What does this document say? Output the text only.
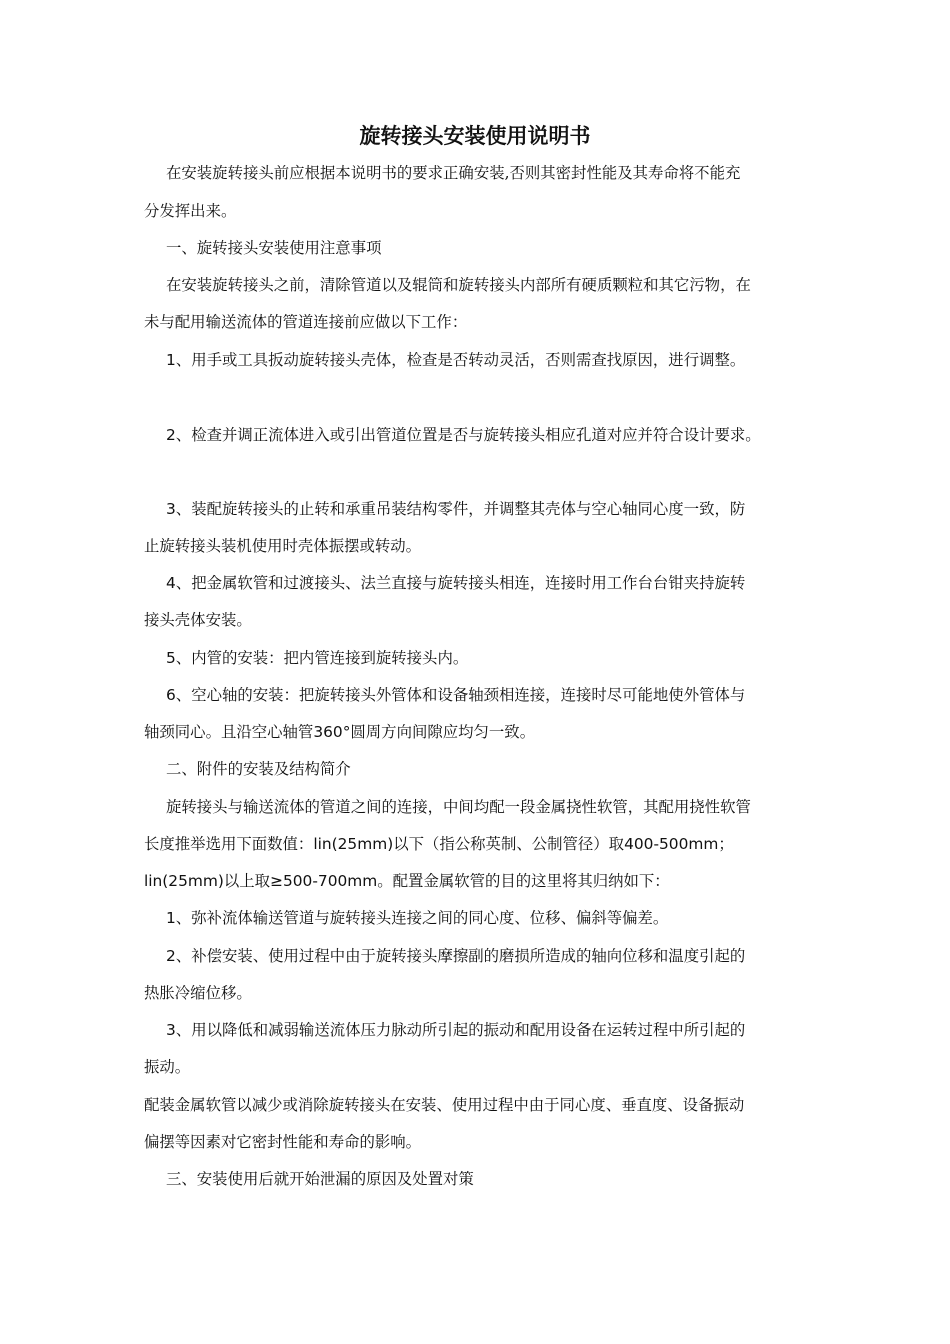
旋转接头安装使用说明书
在安装旋转接头前应根据本说明书的要求正确安装,否则其密封性能及其寿命将不能充
分发挥出来。
一、旋转接头安装使用注意事项
在安装旋转接头之前，清除管道以及辊筒和旋转接头内部所有硬质颗粒和其它污物，在
未与配用输送流体的管道连接前应做以下工作：
1、用手或工具扳动旋转接头壳体，检查是否转动灵活，否则需查找原因，进行调整。
2、检查并调正流体进入或引出管道位置是否与旋转接头相应孔道对应并符合设计要求。
3、装配旋转接头的止转和承重吊装结构零件，并调整其壳体与空心轴同心度一致，防
止旋转接头装机使用时壳体振摆或转动。
4、把金属软管和过渡接头、法兰直接与旋转接头相连，连接时用工作台台钳夹持旋转
接头壳体安装。
5、内管的安装：把内管连接到旋转接头内。
6、空心轴的安装：把旋转接头外管体和设备轴颈相连接，连接时尽可能地使外管体与
轴颈同心。且沿空心轴管360°圆周方向间隙应均匀一致。
二、附件的安装及结构简介
旋转接头与输送流体的管道之间的连接，中间均配一段金属挠性软管，其配用挠性软管
长度推举选用下面数值：lin(25mm)以下（指公称英制、公制管径）取400-500mm；
lin(25mm)以上取≥500-700mm。配置金属软管的目的这里将其归纳如下：
1、弥补流体输送管道与旋转接头连接之间的同心度、位移、偏斜等偏差。
2、补偿安装、使用过程中由于旋转接头摩擦副的磨损所造成的轴向位移和温度引起的
热胀冷缩位移。
3、用以降低和减弱输送流体压力脉动所引起的振动和配用设备在运转过程中所引起的
振动。
配装金属软管以减少或消除旋转接头在安装、使用过程中由于同心度、垂直度、设备振动
偏摆等因素对它密封性能和寿命的影响。
三、安装使用后就开始泄漏的原因及处置对策
